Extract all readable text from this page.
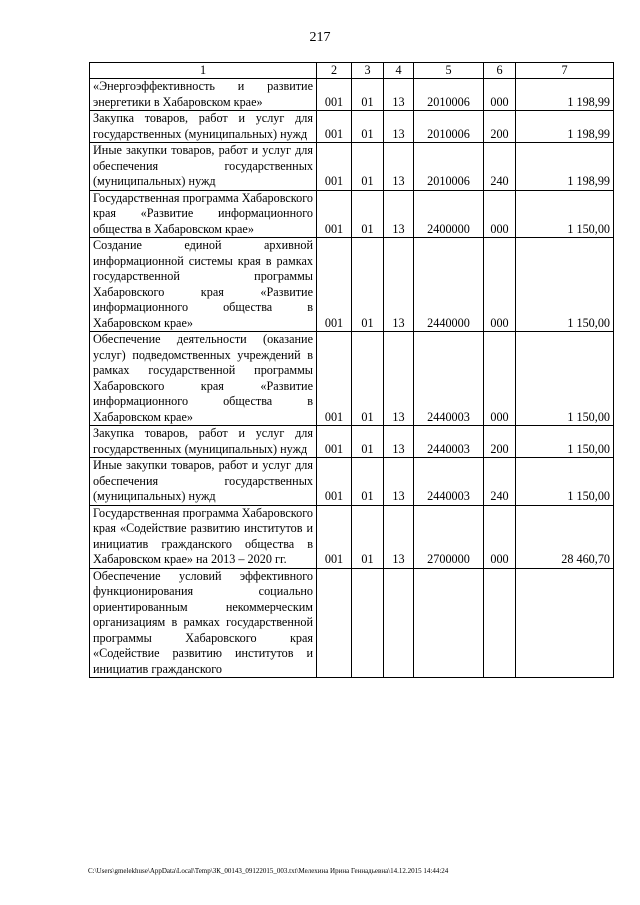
217
1	2	3	4	5	6	7
«Энергоэффективность и развитие энергетики в Хабаровском крае»	001	01	13	2010006	000	1 198,99
Закупка товаров, работ и услуг для государственных (муниципальных) нужд	001	01	13	2010006	200	1 198,99
Иные закупки товаров, работ и услуг для обеспечения государственных (муниципальных) нужд	001	01	13	2010006	240	1 198,99
Государственная программа Хабаровского края «Развитие информационного общества в Хабаровском крае»	001	01	13	2400000	000	1 150,00
Создание единой архивной информационной системы края в рамках государственной программы Хабаровского края «Развитие информационного общества в Хабаровском крае»	001	01	13	2440000	000	1 150,00
Обеспечение деятельности (оказание услуг) подведомственных учреждений в рамках государственной программы Хабаровского края «Развитие информационного общества в Хабаровском крае»	001	01	13	2440003	000	1 150,00
Закупка товаров, работ и услуг для государственных (муниципальных) нужд	001	01	13	2440003	200	1 150,00
Иные закупки товаров, работ и услуг для обеспечения государственных (муниципальных) нужд	001	01	13	2440003	240	1 150,00
Государственная программа Хабаровского края «Содействие развитию институтов и инициатив гражданского общества в Хабаровском крае» на 2013 – 2020 гг.	001	01	13	2700000	000	28 460,70
Обеспечение условий эффективного функционирования социально ориентированным некоммерческим организациям в рамках государственной программы Хабаровского края «Содействие развитию институтов и инициатив гражданского						
C:\Users\gmelekhuse\AppData\Local\Temp\ЗК_00143_09122015_003.txt\Мелехина Ирина Геннадьевна\14.12.2015 14:44:24
